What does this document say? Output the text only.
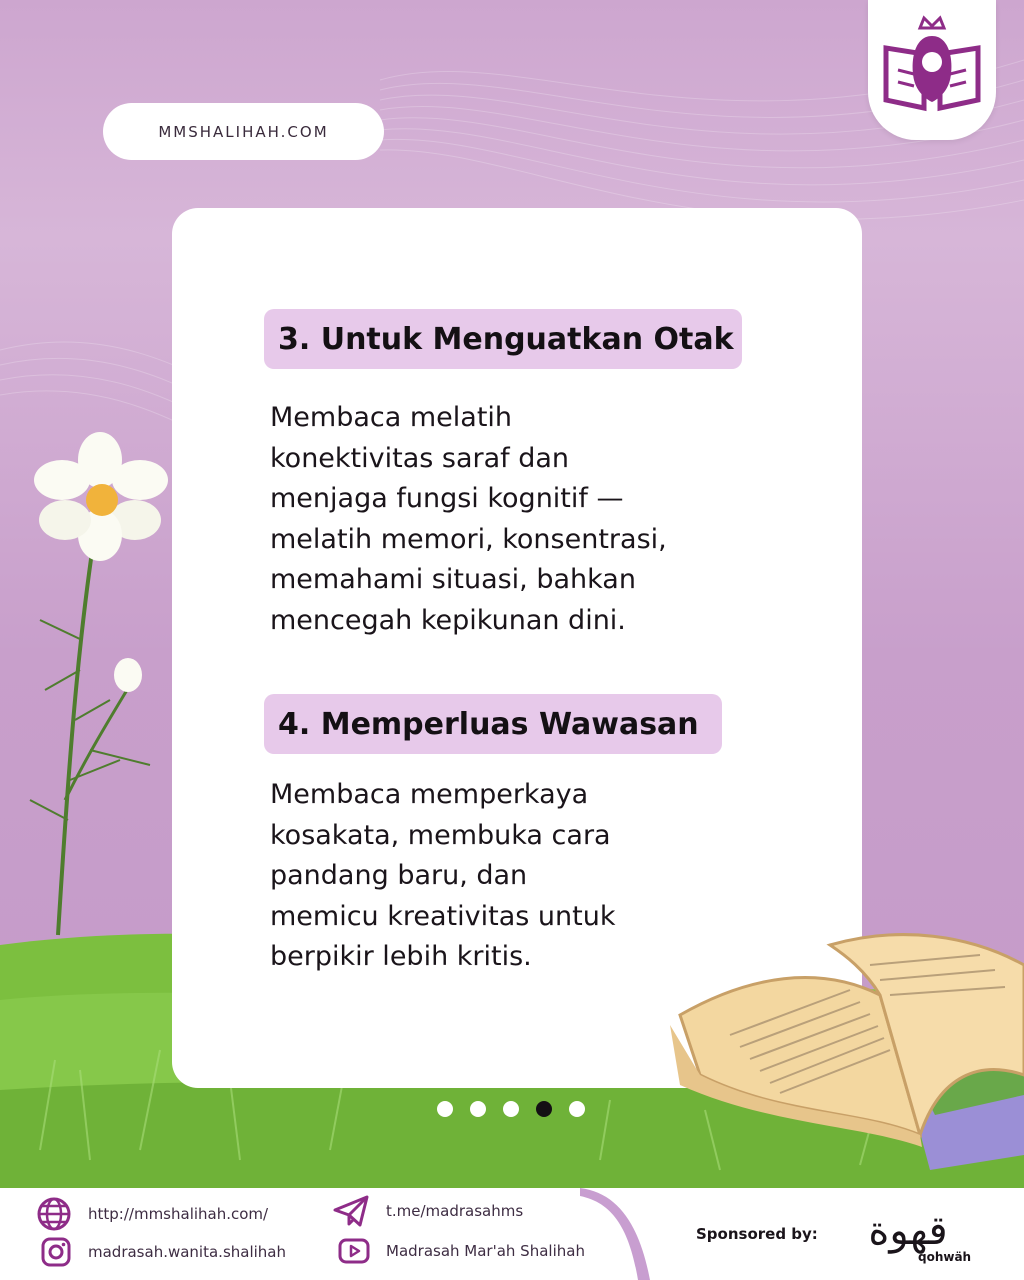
MMSHALIHAH.COM
3. Untuk Menguatkan Otak
Membaca melatih
konektivitas saraf dan
menjaga fungsi kognitif —
melatih memori, konsentrasi,
memahami situasi, bahkan
mencegah kepikunan dini.
4. Memperluas Wawasan
Membaca memperkaya
kosakata, membuka cara
pandang baru, dan
memicu kreativitas untuk
berpikir lebih kritis.
http://mmshalihah.com/
madrasah.wanita.shalihah
t.me/madrasahms
Madrasah Mar'ah Shalihah
Sponsored by: قهوة
qohwäh
